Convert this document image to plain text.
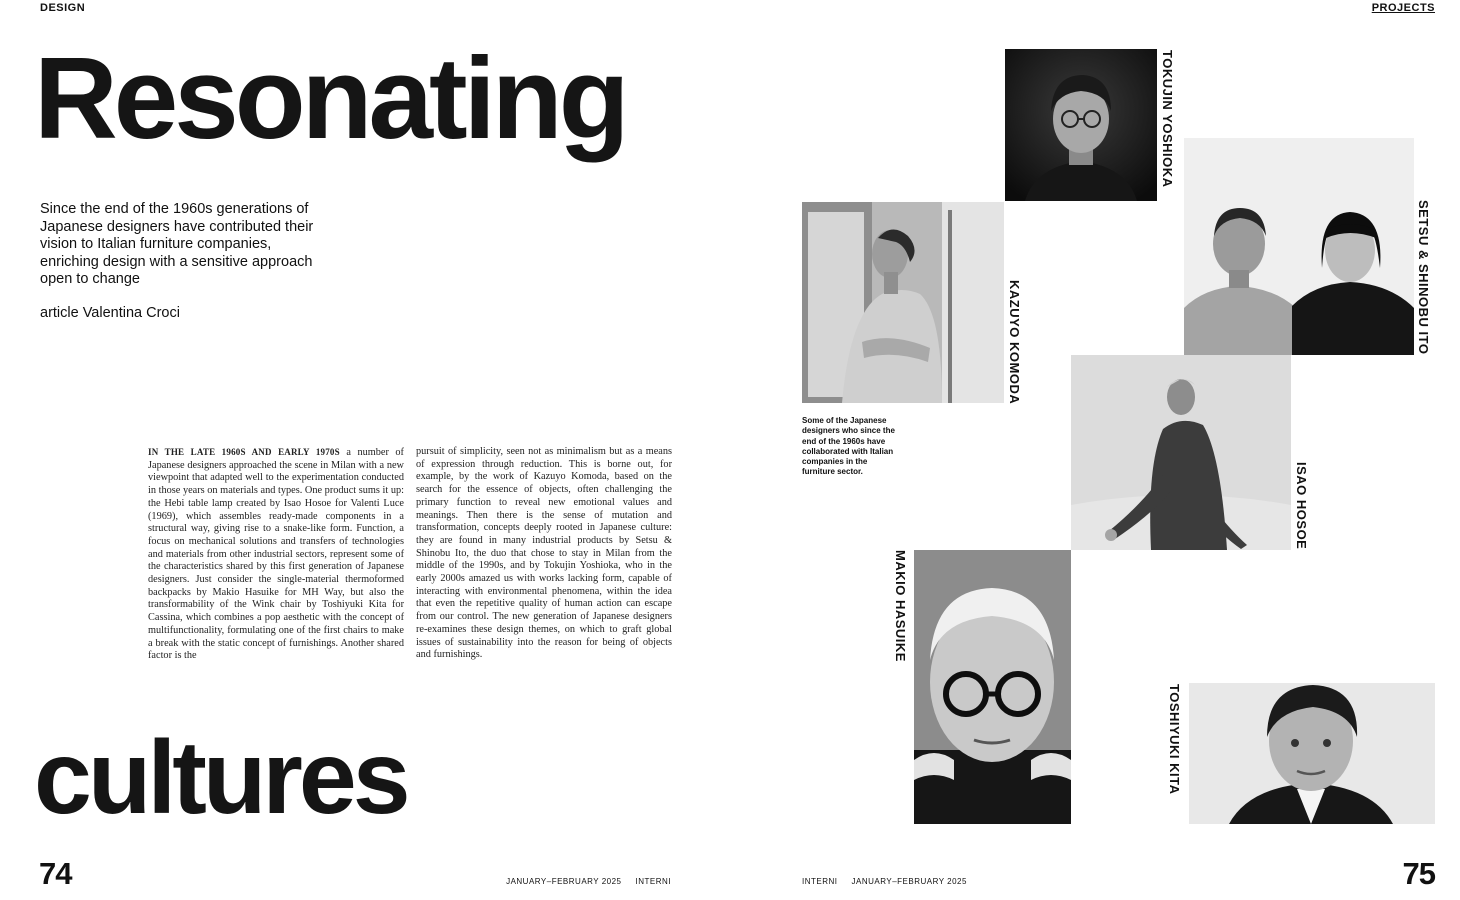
DESIGN	PROJECTS
Resonating
cultures
Since the end of the 1960s generations of Japanese designers have contributed their vision to Italian furniture companies, enriching design with a sensitive approach open to change
article Valentina Croci
IN THE LATE 1960S AND EARLY 1970S a number of Japanese designers approached the scene in Milan with a new viewpoint that adapted well to the experimentation conducted in those years on materials and types. One product sums it up: the Hebi table lamp created by Isao Hosoe for Valenti Luce (1969), which assembles ready-made components in a structural way, giving rise to a snake-like form. Function, a focus on mechanical solutions and transfers of technologies and materials from other industrial sectors, represent some of the characteristics shared by this first generation of Japanese designers. Just consider the single-material thermoformed backpacks by Makio Hasuike for MH Way, but also the transformability of the Wink chair by Toshiyuki Kita for Cassina, which combines a pop aesthetic with the concept of multifunctionality, formulating one of the first chairs to make a break with the static concept of furnishings. Another shared factor is the
pursuit of simplicity, seen not as minimalism but as a means of expression through reduction. This is borne out, for example, by the work of Kazuyo Komoda, based on the search for the essence of objects, often challenging the primary function to reveal new emotional values and meanings. Then there is the sense of mutation and transformation, concepts deeply rooted in Japanese culture: they are found in many industrial products by Setsu & Shinobu Ito, the duo that chose to stay in Milan from the middle of the 1990s, and by Tokujin Yoshioka, who in the early 2000s amazed us with works lacking form, capable of interacting with environmental phenomena, within the idea that even the repetitive quality of human action can escape from our control. The new generation of Japanese designers re-examines these design themes, on which to graft global issues of sustainability into the reason for being of objects and furnishings.
TOKUJIN YOSHIOKA
KAZUYO KOMODA	SETSU & SHINOBU ITO
ISAO HOSOE
MAKIO HASUIKE
TOSHIYUKI KITA
Some of the Japanese designers who since the end of the 1960s have collaborated with Italian companies in the furniture sector.
74	75
JANUARY–FEBRUARY 2025 INTERNI	INTERNI JANUARY–FEBRUARY 2025
